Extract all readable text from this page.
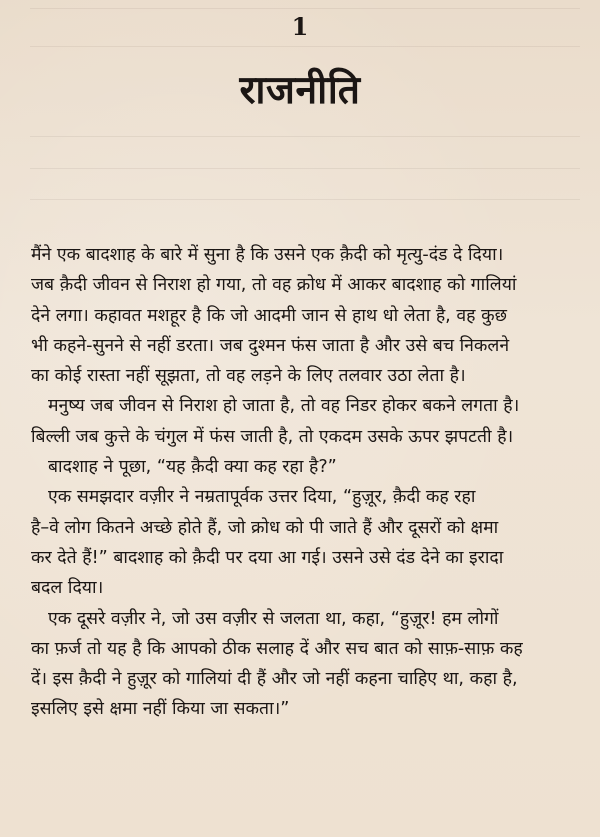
1
राजनीति
मैंने एक बादशाह के बारे में सुना है कि उसने एक क़ैदी को मृत्यु-दंड दे दिया।
जब क़ैदी जीवन से निराश हो गया, तो वह क्रोध में आकर बादशाह को गालियां
देने लगा। कहावत मशहूर है कि जो आदमी जान से हाथ धो लेता है, वह कुछ
भी कहने-सुनने से नहीं डरता। जब दुश्मन फंस जाता है और उसे बच निकलने
का कोई रास्ता नहीं सूझता, तो वह लड़ने के लिए तलवार उठा लेता है।
मनुष्य जब जीवन से निराश हो जाता है, तो वह निडर होकर बकने लगता है।
बिल्ली जब कुत्ते के चंगुल में फंस जाती है, तो एकदम उसके ऊपर झपटती है।
बादशाह ने पूछा, “यह क़ैदी क्या कह रहा है?”
एक समझदार वज़ीर ने नम्रतापूर्वक उत्तर दिया, “हुज़ूर, क़ैदी कह रहा
है–वे लोग कितने अच्छे होते हैं, जो क्रोध को पी जाते हैं और दूसरों को क्षमा
कर देते हैं!” बादशाह को क़ैदी पर दया आ गई। उसने उसे दंड देने का इरादा
बदल दिया।
एक दूसरे वज़ीर ने, जो उस वज़ीर से जलता था, कहा, “हुज़ूर! हम लोगों
का फ़र्ज तो यह है कि आपको ठीक सलाह दें और सच बात को साफ़-साफ़ कह
दें। इस क़ैदी ने हुज़ूर को गालियां दी हैं और जो नहीं कहना चाहिए था, कहा है,
इसलिए इसे क्षमा नहीं किया जा सकता।”
